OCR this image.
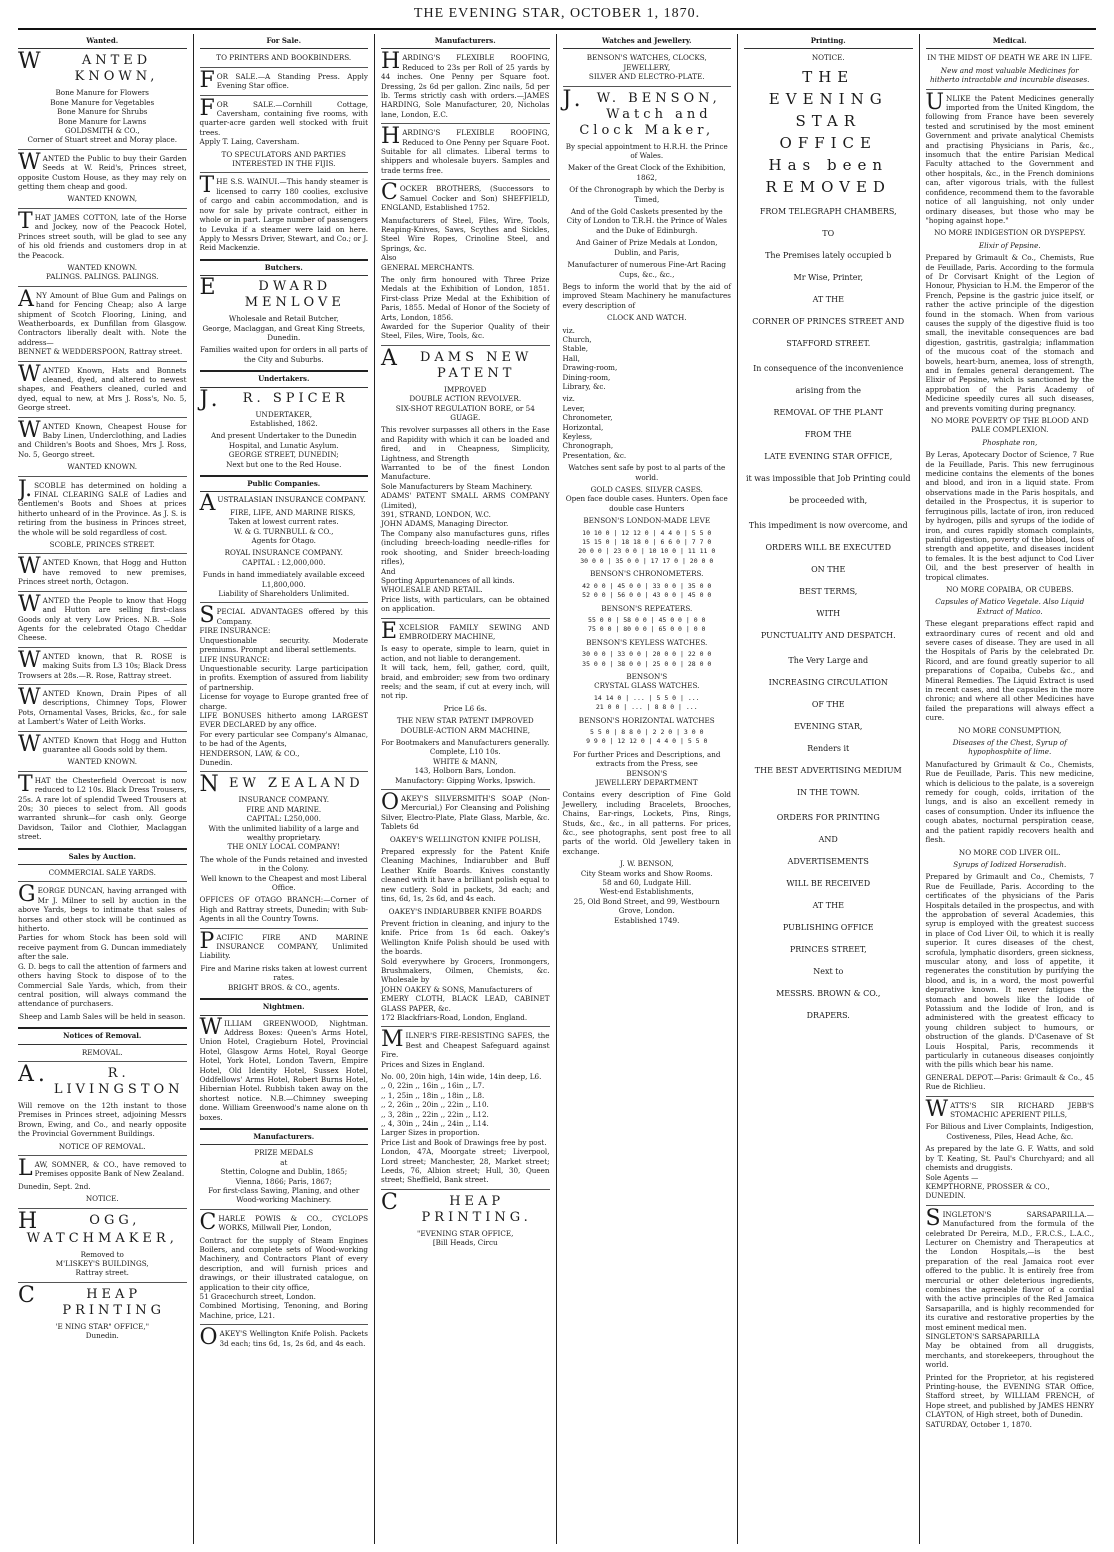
THE EVENING STAR, OCTOBER 1, 1870.
Wanted.
WANTED KNOWN,
Bone Manure for Flowers
Bone Manure for Vegetables
Bone Manure for Shrubs
Bone Manure for Lawns
GOLDSMITH & CO.,
Corner of Stuart street and Moray place.
WANTED the Public to buy their Garden Seeds at W. Reid's, Princes street, opposite Custom House, as they may rely on getting them cheap and good.
WANTED KNOWN,
THAT JAMES COTTON, late of the Horse and Jockey, now of the Peacock Hotel, Princes street south, will be glad to see any of his old friends and customers drop in at the Peacock.
WANTED KNOWN.
PALINGS. PALINGS. PALINGS.
ANY Amount of Blue Gum and Palings on hand for Fencing Cheap; also A large shipment of Scotch Flooring, Lining, and Weatherboards, ex Dunfillan from Glasgow. Contractors liberally dealt with. Note the address—
BENNET & WEDDERSPOON, Rattray street.
WANTED Known, Hats and Bonnets cleaned, dyed, and altered to newest shapes, and Feathers cleaned, curled and dyed, equal to new, at Mrs J. Ross's, No. 5, George street.
WANTED Known, Cheapest House for Baby Linen, Underclothing, and Ladies and Children's Boots and Shoes, Mrs J. Ross, No. 5, Georgo street.
WANTED KNOWN.
J.SCOBLE has determined on holding a FINAL CLEARING SALE of Ladies and Gentlemen's Boots and Shoes at prices hitherto unheard of in the Province. As J. S. is retiring from the business in Princes street, the whole will be sold regardless of cost.
SCOBLE, PRINCES STREET.
WANTED Known, that Hogg and Hutton have removed to new premises, Princes street north, Octagon.
WANTED the People to know that Hogg and Hutton are selling first-class Goods only at very Low Prices. N.B. —Sole Agents for the celebrated Otago Cheddar Cheese.
WANTED known, that R. ROSE is making Suits from L3 10s; Black Dress Trowsers at 28s.—R. Rose, Rattray street.
WANTED Known, Drain Pipes of all descriptions, Chimney Tops, Flower Pots, Ornamental Vases, Bricks, &c., for sale at Lambert's Water of Leith Works.
WANTED Known that Hogg and Hutton guarantee all Goods sold by them.
WANTED KNOWN.
THAT the Chesterfield Overcoat is now reduced to L2 10s. Black Dress Trousers, 25s. A rare lot of splendid Tweed Trousers at 20s; 30 pieces to select from. All goods warranted shrunk—for cash only. George Davidson, Tailor and Clothier, Maclaggan street.
Sales by Auction.
COMMERCIAL SALE YARDS.
GEORGE DUNCAN, having arranged with Mr J. Milner to sell by auction in the above Yards, begs to intimate that sales of horses and other stock will be continued as hitherto.
Parties for whom Stock has been sold will receive payment from G. Duncan immediately after the sale.
G. D. begs to call the attention of farmers and others having Stock to dispose of to the Commercial Sale Yards, which, from their central position, will always command the attendance of purchasers.
Sheep and Lamb Sales will be held in season.
Notices of Removal.
REMOVAL.
A.R. LIVINGSTON
Will remove on the 12th instant to those Premises in Princes street, adjoining Messrs Brown, Ewing, and Co., and nearly opposite the Provincial Government Buildings.
NOTICE OF REMOVAL.
LAW, SOMNER, & CO., have removed to Premises opposite Bank of New Zealand.
Dunedin, Sept. 2nd.
NOTICE.
HOGG, WATCHMAKER,
Removed to
M'LISKEY'S BUILDINGS,
Rattray street.
CHEAP PRINTING
'E NING STAR" OFFICE,"
Dunedin.
For Sale.
TO PRINTERS AND BOOKBINDERS.
FOR SALE.—A Standing Press. Apply Evening Star office.
FOR SALE.—Cornhill Cottage, Caversham, containing five rooms, with quarter-acre garden well stocked with fruit trees.
Apply T. Laing, Caversham.
TO SPECULATORS AND PARTIES INTERESTED IN THE FIJIS.
THE S.S. WAINUI.—This handy steamer is licensed to carry 180 coolies, exclusive of cargo and cabin accommodation, and is now for sale by private contract, either in whole or in part. Large number of passengers to Levuka if a steamer were laid on here. Apply to Messrs Driver, Stewart, and Co.; or J. Reid Mackenzie.
Butchers.
EDWARD MENLOVE
Wholesale and Retail Butcher,
George, Maclaggan, and Great King Streets, Dunedin.
Families waited upon for orders in all parts of the City and Suburbs.
Undertakers.
J.R. SPICER
UNDERTAKER,
Established, 1862.
And present Undertaker to the Dunedin Hospital, and Lunatic Asylum.
GEORGE STREET, DUNEDIN;
Next but one to the Red House.
Public Companies.
AUSTRALASIAN INSURANCE COMPANY.
FIRE, LIFE, AND MARINE RISKS,
Taken at lowest current rates.
W. & G. TURNBULL & CO.,
Agents for Otago.
ROYAL INSURANCE COMPANY.
CAPITAL : L2,000,000.
Funds in hand immediately available exceed L1,800,000.
Liability of Shareholders Unlimited.
SPECIAL ADVANTAGES offered by this Company.
FIRE INSURANCE:
Unquestionable security. Moderate premiums. Prompt and liberal settlements.
LIFE INSURANCE:
Unquestionable security. Large participation in profits. Exemption of assured from liability of partnership.
License for voyage to Europe granted free of charge.
LIFE BONUSES hitherto among LARGEST EVER DECLARED by any office.
For every particular see Company's Almanac, to be had of the Agents,
HENDERSON, LAW, & CO.,
Dunedin.
NEW ZEALAND
INSURANCE COMPANY.
FIRE AND MARINE.
CAPITAL: L250,000.
With the unlimited liability of a large and wealthy proprietary.
THE ONLY LOCAL COMPANY!
The whole of the Funds retained and invested in the Colony.
Well known to the Cheapest and most Liberal Office.
OFFICES OF OTAGO BRANCH:—Corner of High and Rattray streets, Dunedin; with Sub-Agents in all the Country Towns.
PACIFIC FIRE AND MARINE INSURANCE COMPANY, Unlimited Liability.
Fire and Marine risks taken at lowest current rates.
BRIGHT BROS. & CO., agents.
Nightmen.
WILLIAM GREENWOOD, Nightman. Address Boxes: Queen's Arms Hotel, Union Hotel, Cragieburn Hotel, Provincial Hotel, Glasgow Arms Hotel, Royal George Hotel, York Hotel, London Tavern, Empire Hotel, Old Identity Hotel, Sussex Hotel, Oddfellows' Arms Hotel, Robert Burns Hotel, Hibernian Hotel. Rubbish taken away on the shortest notice. N.B.—Chimney sweeping done. William Greenwood's name alone on th boxes.
Manufacturers.
PRIZE MEDALS
at
Stettin, Cologne and Dublin, 1865;
Vienna, 1866; Paris, 1867;
For first-class Sawing, Planing, and other Wood-working Machinery.
CHARLE POWIS & CO., CYCLOPS WORKS, Millwall Pier, London,
Contract for the supply of Steam Engines Boilers, and complete sets of Wood-working Machinery, and Contractors Plant of every description, and will furnish prices and drawings, or their illustrated catalogue, on application to their city office,
51 Gracechurch street, London.
Combined Mortising, Tenoning, and Boring Machine, price, L21.
OAKEY'S Wellington Knife Polish. Packets 3d each; tins 6d, 1s, 2s 6d, and 4s each.
Manufacturers.
HARDING'S FLEXIBLE ROOFING, Reduced to 23s per Roll of 25 yards by 44 inches. One Penny per Square foot. Dressing, 2s 6d per gallon. Zinc nails, 5d per lb. Terms strictly cash with orders.—JAMES HARDING, Sole Manufacturer, 20, Nicholas lane, London, E.C.
HARDING'S FLEXIBLE ROOFING, Reduced to One Penny per Square Foot. Suitable for all climates. Liberal terms to shippers and wholesale buyers. Samples and trade terms free.
COCKER BROTHERS, (Successors to Samuel Cocker and Son) SHEFFIELD, ENGLAND, Established 1752.
Manufacturers of Steel, Files, Wire, Tools, Reaping-Knives, Saws, Scythes and Sickles, Steel Wire Ropes, Crinoline Steel, and Springs, &c.
Also
GENERAL MERCHANTS.
The only firm honoured with Three Prize Medals at the Exhibition of London, 1851. First-class Prize Medal at the Exhibition of Paris, 1855. Medal of Honor of the Society of Arts, London, 1856.
Awarded for the Superior Quality of their Steel, Files, Wire, Tools, &c.
ADAMS NEW PATENT
IMPROVED
DOUBLE ACTION REVOLVER.
SIX-SHOT REGULATION BORE, or 54 GUAGE.
This revolver surpasses all others in the Ease and Rapidity with which it can be loaded and fired, and in Cheapness, Simplicity, Lightness, and Strength
Warranted to be of the finest London Manufacture.
Sole Manufacturers by Steam Machinery.
ADAMS' PATENT SMALL ARMS COMPANY (Limited),
391, STRAND, LONDON, W.C.
JOHN ADAMS, Managing Director.
The Company also manufactures guns, rifles (including breech-loading needle-rifles for rook shooting, and Snider breech-loading rifles),
And
Sporting Appurtenances of all kinds.
WHOLESALE AND RETAIL.
Price lists, with particulars, can be obtained on application.
EXCELSIOR FAMILY SEWING AND EMBROIDERY MACHINE,
Is easy to operate, simple to learn, quiet in action, and not liable to derangement.
It will tack, hem, fell, gather, cord, quilt, braid, and embroider; sew from two ordinary reels; and the seam, if cut at every inch, will not rip.
Price L6 6s.
THE NEW STAR PATENT IMPROVED DOUBLE-ACTION ARM MACHINE,
For Bootmakers and Manufacturers generally.
Complete, L10 10s.
WHITE & MANN,
143, Holborn Bars, London.
Manufactory: Gipping Works, Ipswich.
OAKEY'S SILVERSMITH'S SOAP (Non-Mercurial,) For Cleansing and Polishing Silver, Electro-Plate, Plate Glass, Marble, &c. Tablets 6d
OAKEY'S WELLINGTON KNIFE POLISH,
Prepared expressly for the Patent Knife Cleaning Machines, Indiarubber and Buff Leather Knife Boards. Knives constantly cleaned with it have a brilliant polish equal to new cutlery. Sold in packets, 3d each; and tins, 6d, 1s, 2s 6d, and 4s each.
OAKEY'S INDIARUBBER KNIFE BOARDS
Prevent friction in cleaning, and injury to the knife. Price from 1s 6d each. Oakey's Wellington Knife Polish should be used with the boards.
Sold everywhere by Grocers, Ironmongers, Brushmakers, Oilmen, Chemists, &c. Wholesale by
JOHN OAKEY & SONS, Manufacturers of
EMERY CLOTH, BLACK LEAD, CABINET GLASS PAPER, &c.
172 Blackfriars-Road, London, England.
MILNER'S FIRE-RESISTING SAFES, the Best and Cheapest Safeguard against Fire.
Prices and Sizes in England.
No. 00, 20in high, 14in wide, 14in deep, L6.
,, 0, 22in ,, 16in ,, 16in ,, L7.
,, 1, 25in ,, 18in ,, 18in ,, L8.
,, 2, 26in ,, 20in ,, 22in ,, L10.
,, 3, 28in ,, 22in ,, 22in ,, L12.
,, 4, 30in ,, 24in ,, 24in ,, L14.
Larger Sizes in proportion.
Price List and Book of Drawings free by post.
London, 47A, Moorgate street; Liverpool, Lord street; Manchester, 28, Market street; Leeds, 76, Albion street; Hull, 30, Queen street; Sheffield, Bank street.
CHEAP PRINTING.
"EVENING STAR OFFICE,
[Bill Heads, Circu
Watches and Jewellery.
BENSON'S WATCHES, CLOCKS,
JEWELLERY,
SILVER AND ELECTRO-PLATE.
J.W. BENSON,
Watch and Clock Maker,
By special appointment to H.R.H. the Prince of Wales.
Maker of the Great Clock of the Exhibition, 1862,
Of the Chronograph by which the Derby is Timed,
And of the Gold Caskets presented by the City of London to T.R.H. the Prince of Wales and the Duke of Edinburgh.
And Gainer of Prize Medals at London, Dublin, and Paris,
Manufacturer of numerous Fine-Art Racing Cups, &c., &c.,
Begs to inform the world that by the aid of improved Steam Machinery he manufactures every description of
CLOCK AND WATCH.
viz.
Church,
Stable,
Hall,
Drawing-room,
Dining-room,
Library, &c.
viz.
Lever,
Chronometer,
Horizontal,
Keyless,
Chronograph,
Presentation, &c.
Watches sent safe by post to al parts of the world.
GOLD CASES. SILVER CASES.
Open face double cases. Hunters. Open face double case Hunters
BENSON'S LONDON-MADE LEVE
10 10 0 | 12 12 0 | 4 4 0 | 5 5 0
15 15 0 | 18 18 0 | 6 6 0 | 7 7 0
20 0 0 | 23 0 0 | 10 10 0 | 11 11 0
30 0 0 | 35 0 0 | 17 17 0 | 20 0 0
BENSON'S CHRONOMETERS.
42 0 0 | 45 0 0 | 33 0 0 | 35 0 0
52 0 0 | 56 0 0 | 43 0 0 | 45 0 0
BENSON'S REPEATERS.
55 0 0 | 58 0 0 | 45 0 0 | 0 0
75 0 0 | 80 0 0 | 65 0 0 | 0 0
BENSON'S KEYLESS WATCHES.
30 0 0 | 33 0 0 | 20 0 0 | 22 0 0
35 0 0 | 38 0 0 | 25 0 0 | 28 0 0
BENSON'S
CRYSTAL GLASS WATCHES.
14 14 0 | ... | 5 5 0 | ...
21 0 0 | ... | 8 8 0 | ...
BENSON'S HORIZONTAL WATCHES
5 5 0 | 8 8 0 | 2 2 0 | 3 0 0
9 9 0 | 12 12 0 | 4 4 0 | 5 5 0
For further Prices and Descriptions, and extracts from the Press, see
BENSON'S
JEWELLERY DEPARTMENT
Contains every description of Fine Gold Jewellery, including Bracelets, Brooches, Chains, Ear-rings, Lockets, Pins, Rings, Studs, &c., &c., in all patterns. For prices, &c., see photographs, sent post free to all parts of the world. Old Jewellery taken in exchange.
J. W. BENSON,
City Steam works and Show Rooms.
58 and 60, Ludgate Hill.
West-end Establishments,
25, Old Bond Street, and 99, Westbourn Grove, London.
Established 1749.
Printing.
NOTICE.
THE EVENING STAR
OFFICE
Has been
REMOVED
FROM TELEGRAPH CHAMBERS,
TO
The Premises lately occupied b
Mr Wise, Printer,
AT THE
CORNER OF PRINCES STREET AND
STAFFORD STREET.
In consequence of the inconvenience arising from the
REMOVAL OF THE PLANT
FROM THE
LATE EVENING STAR OFFICE,
it was impossible that Job Printing could be proceeded with,
This impediment is now overcome, and
ORDERS WILL BE EXECUTED
ON THE
BEST TERMS,
WITH
PUNCTUALITY AND DESPATCH.
The Very Large and
INCREASING CIRCULATION
OF THE
EVENING STAR,
Renders it
THE BEST ADVERTISING MEDIUM
IN THE TOWN.
ORDERS FOR PRINTING
AND
ADVERTISEMENTS
WILL BE RECEIVED
AT THE
PUBLISHING OFFICE
PRINCES STREET,
Next to
MESSRS. BROWN & CO.,
DRAPERS.
Medical.
IN THE MIDST OF DEATH WE ARE IN LIFE.
New and most valuable Medicines for hitherto intractable and incurable diseases.
UNLIKE the Patent Medicines generally imported from the United Kingdom, the following from France have been severely tested and scrutinised by the most eminent Government and private analytical Chemists and practising Physicians in Paris, &c., insomuch that the entire Parisian Medical Faculty attached to the Government and other hospitals, &c., in the French dominions can, after vigorous trials, with the fullest confidence, recommend them to the favorable notice of all languishing, not only under ordinary diseases, but those who may be "hoping against hope."
NO MORE INDIGESTION OR DYSPEPSY.
Elixir of Pepsine.
Prepared by Grimault & Co., Chemists, Rue de Feuillade, Paris. According to the formula of Dr Corvisart Knight of the Legion of Honour, Physician to H.M. the Emperor of the French, Pepsine is the gastric juice itself, or rather the active principle of the digestion found in the stomach. When from various causes the supply of the digestive fluid is too small, the inevitable consequences are bad digestion, gastritis, gastralgia; inflammation of the mucous coat of the stomach and bowels, heart-burn, anemea, loss of strength, and in females general derangement. The Elixir of Pepsine, which is sanctioned by the approbation of the Paris Academy of Medicine speedily cures all such diseases, and prevents vomiting during pregnancy.
NO MORE POVERTY OF THE BLOOD AND PALE COMPLEXION.
Phosphate ron,
By Leras, Apotecary Doctor of Science, 7 Rue de la Feuillade, Paris. This new ferruginous medicine contains the elements of the bones and blood, and iron in a liquid state. From observations made in the Paris hospitals, and detailed in the Prospectus, it is superior to ferruginous pills, lactate of iron, iron reduced by hydrogen, pills and syrups of the iodide of iron, and cures rapidly stomach complaints, painful digestion, poverty of the blood, loss of strength and appetite, and diseases incident to females. It is the best adjunct to Cod Liver Oil, and the best preserver of health in tropical climates.
NO MORE COPAIBA, OR CUBEBS.
Capsules of Matico Vegetale. Also Liquid Extract of Matico.
These elegant preparations effect rapid and extraordinary cures of recent and old and severe cases of disease. They are used in all the Hospitals of Paris by the celebrated Dr. Ricord, and are found greatly superior to all preparations of Copaiba, Cubebs &c., and Mineral Remedies. The Liquid Extract is used in recent cases, and the capsules in the more chronic; and where all other Medicines have failed the preparations will always effect a cure.
NO MORE CONSUMPTION,
Diseases of the Chest, Syrup of hypophosphite of lime.
Manufactured by Grimault & Co., Chemists, Rue de Feuillade, Paris. This new medicine, which is delicious to the palate, is a sovereign remedy for cough, colds, irritation of the lungs, and is also an excellent remedy in cases of consumption. Under its influence the cough abates, nocturnal perspiration cease, and the patient rapidly recovers health and flesh.
NO MORE COD LIVER OIL.
Syrups of Iodized Horseradish.
Prepared by Grimault and Co., Chemists, 7 Rue de Feuillade, Paris. According to the certificates of the physicians of the Paris Hospitals detailed in the prospectus, and with the approbation of several Academies, this syrup is employed with the greatest success in place of Cod Liver Oil, to which it is really superior. It cures diseases of the chest, scrofula, lymphatic disorders, green sickness, muscular atony, and loss of appetite, it regenerates the constitution by purifying the blood, and is, in a word, the most powerful depurative known. It never fatigues the stomach and bowels like the Iodide of Potassium and the Iodide of Iron, and is administered with the greatest efficacy to young children subject to humours, or obstruction of the glands. D'Casenave of St Louis Hospital, Paris, recommends it particularly in cutaneous diseases conjointly with the pills which bear his name.
GENERAL DEPOT.—Paris: Grimault & Co., 45 Rue de Richlieu.
WATTS'S SIR RICHARD JEBB'S STOMACHIC APERIENT PILLS,
For Bilious and Liver Complaints, Indigestion,
Costiveness, Piles, Head Ache, &c.
As prepared by the late G. F. Watts, and sold by T. Keating, St. Paul's Churchyard; and all chemists and druggists.
Sole Agents —
KEMPTHORNE, PROSSER & CO.,
DUNEDIN.
SINGLETON'S SARSAPARILLA.—Manufactured from the formula of the celebrated Dr Pereira, M.D., F.R.C.S., L.A.C., Lecturer on Chemistry and Therapeutics at the London Hospitals,—is the best preparation of the real Jamaica root ever offered to the public. It is entirely free from mercurial or other deleterious ingredients, combines the agreeable flavor of a cordial with the active principles of the Red Jamaica Sarsaparilla, and is highly recommended for its curative and restorative properties by the most eminent medical men.
SINGLETON'S SARSAPARILLA
May be obtained from all druggists, merchants, and storekeepers, throughout the world.
Printed for the Proprietor, at his registered Printing-house, the EVENING STAR Office, Stafford street, by WILLIAM FRENCH, of Hope street, and published by JAMES HENRY CLAYTON, of High street, both of Dunedin.
SATURDAY, October 1, 1870.
